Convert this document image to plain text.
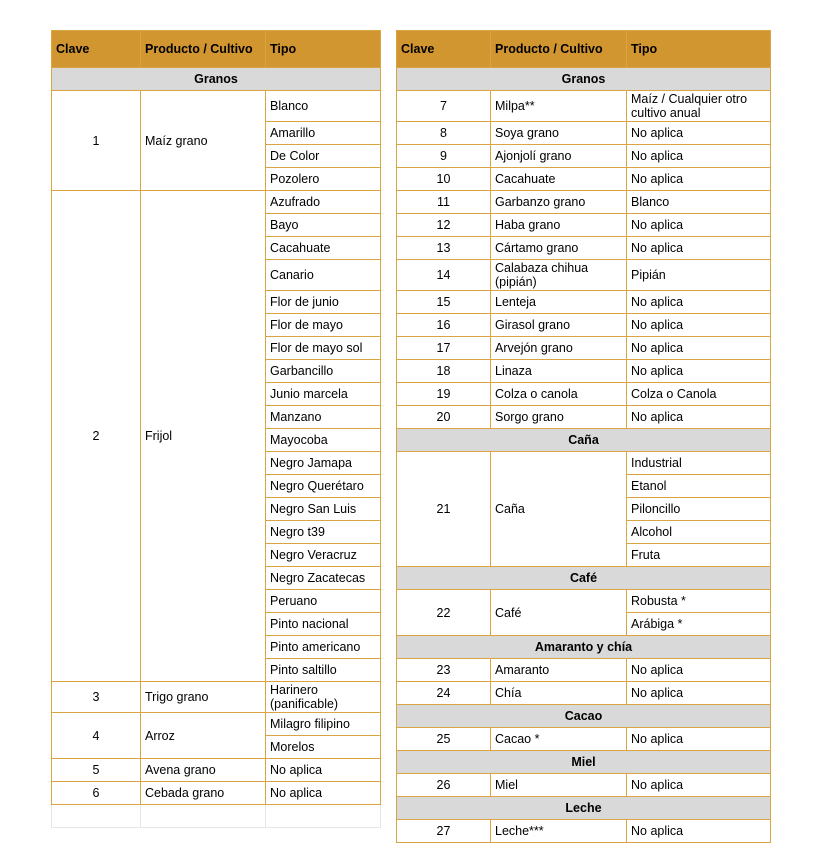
Clave	Producto / Cultivo	Tipo
Granos		
1	Maíz grano	Blanco
		Amarillo
		De Color
		Pozolero
2	Frijol	Azufrado
		Bayo
		Cacahuate
		Canario
		Flor de junio
		Flor de mayo
		Flor de mayo sol
		Garbancillo
		Junio marcela
		Manzano
		Mayocoba
		Negro Jamapa
		Negro Querétaro
		Negro San Luis
		Negro t39
		Negro Veracruz
		Negro Zacatecas
		Peruano
		Pinto nacional
		Pinto americano
		Pinto saltillo
3	Trigo grano	Harinero (panificable)
4	Arroz	Milagro filipino
		Morelos
5	Avena grano	No aplica
6	Cebada grano	No aplica

Clave	Producto / Cultivo	Tipo
Granos		
7	Milpa**	Maíz / Cualquier otro cultivo anual
8	Soya grano	No aplica
9	Ajonjolí grano	No aplica
10	Cacahuate	No aplica
11	Garbanzo grano	Blanco
12	Haba grano	No aplica
13	Cártamo grano	No aplica
14	Calabaza chihua (pipián)	Pipián
15	Lenteja	No aplica
16	Girasol grano	No aplica
17	Arvejón grano	No aplica
18	Linaza	No aplica
19	Colza o canola	Colza o Canola
20	Sorgo grano	No aplica
Caña		
21	Caña	Industrial
		Etanol
		Piloncillo
		Alcohol
		Fruta
Café		
22	Café	Robusta *
		Arábiga *
Amaranto y chía		
23	Amaranto	No aplica
24	Chía	No aplica
Cacao		
25	Cacao *	No aplica
Miel		
26	Miel	No aplica
Leche		
27	Leche***	No aplica
